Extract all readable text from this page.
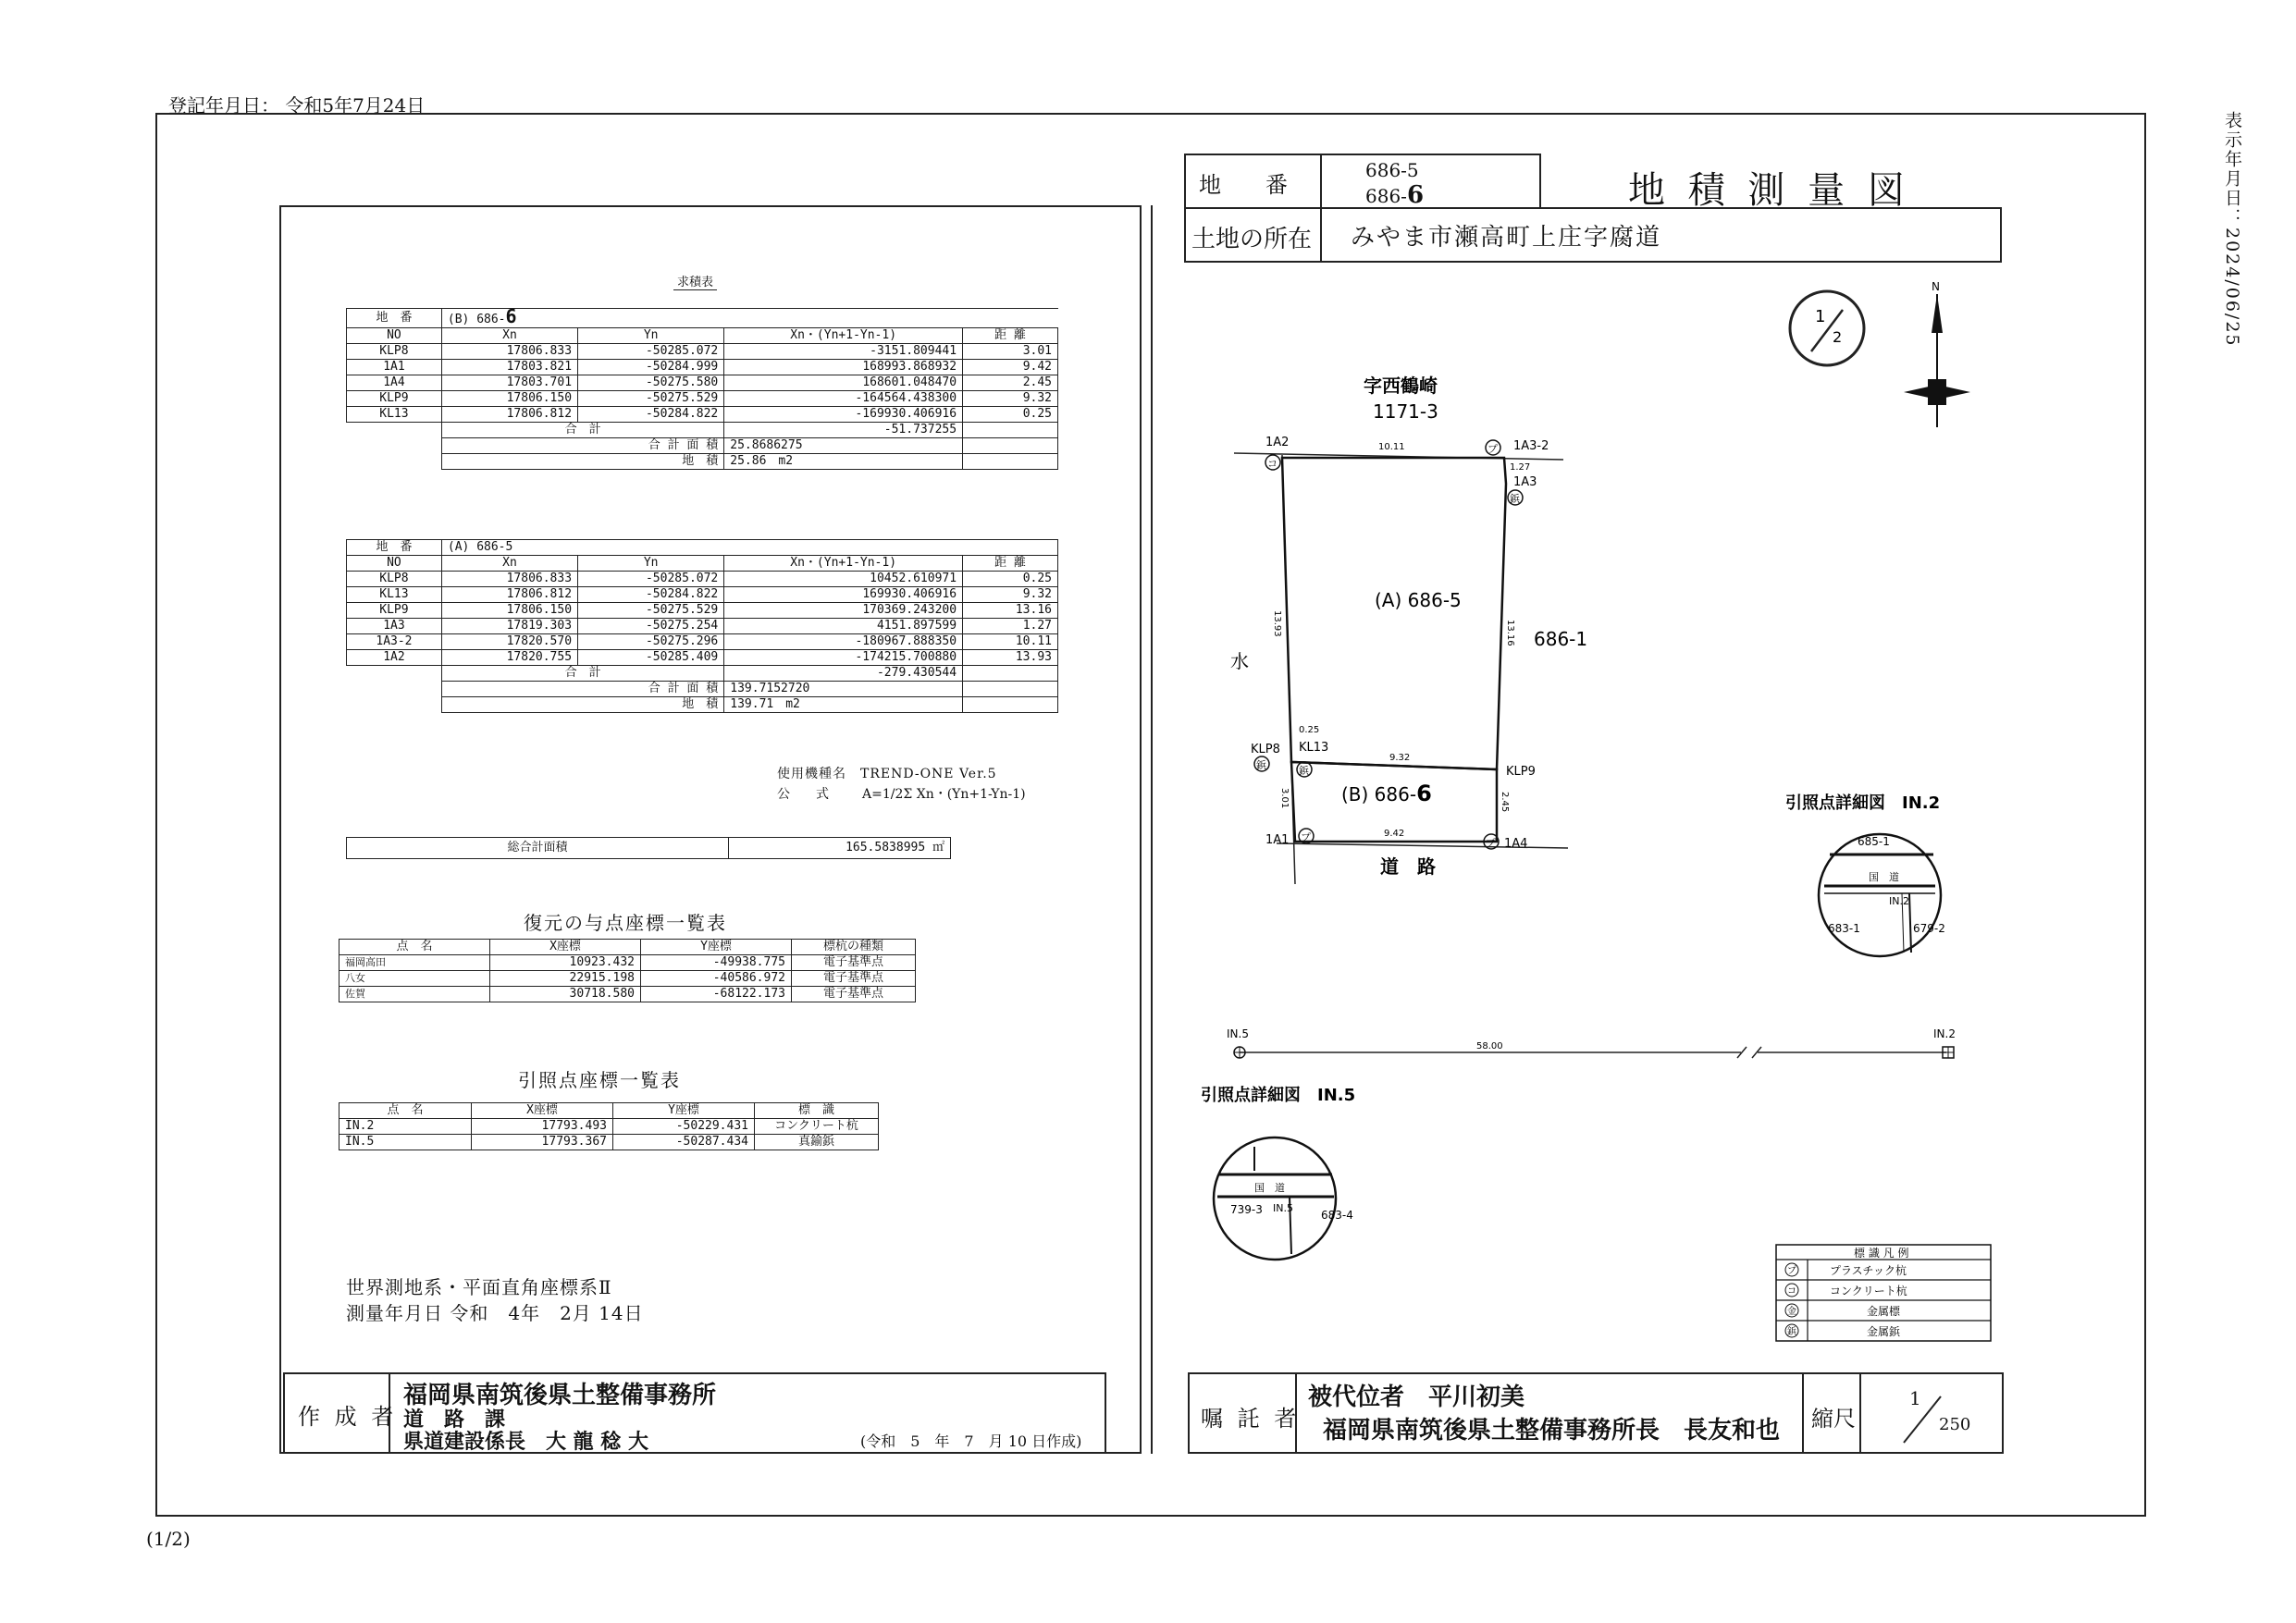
登記年月日： 令和5年7月24日
(1/2)
表示年月日：2024/06/25
地　　番
686-5
686-6	地 積 測 量 図
土地の所在 みやま市瀬高町上庄字腐道
求積表
地　番	(B) 686-6			
NO	Xn	Yn	Xn・(Yn+1-Yn-1)	距 離
KLP8	17806.833	-50285.072	-3151.809441	3.01
1A1	17803.821	-50284.999	168993.868932	9.42
1A4	17803.701	-50275.580	168601.048470	2.45
KLP9	17806.150	-50275.529	-164564.438300	9.32
KL13	17806.812	-50284.822	-169930.406916	0.25
	合　計		-51.737255	
	合 計 面 積		25.8686275	
	地　積		25.86　m2	
地　番	(A) 686-5			
NO	Xn	Yn	Xn・(Yn+1-Yn-1)	距 離
KLP8	17806.833	-50285.072	10452.610971	0.25
KL13	17806.812	-50284.822	169930.406916	9.32
KLP9	17806.150	-50275.529	170369.243200	13.16
1A3	17819.303	-50275.254	4151.897599	1.27
1A3-2	17820.570	-50275.296	-180967.888350	10.11
1A2	17820.755	-50285.409	-174215.700880	13.93
	合　計		-279.430544	
	合 計 面 積		139.7152720	
	地　積		139.71　m2	
使用機種名　TREND-ONE Ver.5
公　　式	A=1/2Σ Xn・(Yn+1-Yn-1)
総合計面積	165.5838995 ㎡
復元の与点座標一覧表
点　名	X座標	Y座標	標杭の種類
福岡高田	10923.432	-49938.775	電子基準点
八女	22915.198	-40586.972	電子基準点
佐賀	30718.580	-68122.173	電子基準点
引照点座標一覧表
点　名	X座標	Y座標	標　識
IN.2	17793.493	-50229.431	コンクリート杭
IN.5	17793.367	-50287.434	真鍮鋲
世界測地系・平面直角座標系Ⅱ
測量年月日 令和　4年　2月 14日
作 成 者
福岡県南筑後県土整備事務所
道　路　課
県道建設係長　大 龍 稔 大	(令和　5　年　7　月 10 日作成)
嘱 託 者
被代位者　平川初美
福岡県南筑後県土整備事務所長　長友和也 縮尺
1
250
1
2
N
字西鶴崎
1171-3
686-1
水
道　路
(A) 686-5
(B) 686-6
1A2	1A3-2
1A3
KLP8 KL13
KLP9
1A1	1A4
10.11
1.27
13.93	13.16
0.25
9.32
3.01	2.45
9.42
プ
コ
鋲
鋲	鋲
プ	プ
IN.5	IN.2
58.00
引照点詳細図　IN.2
685-1
国　道
IN.2
683-1	679-2
引照点詳細図　IN.5
国　道
IN.5
739-3	683-4
標 識 凡 例
プ	プラスチック杭
コ	コンクリート杭
金	金属標
鋲	金属鋲
